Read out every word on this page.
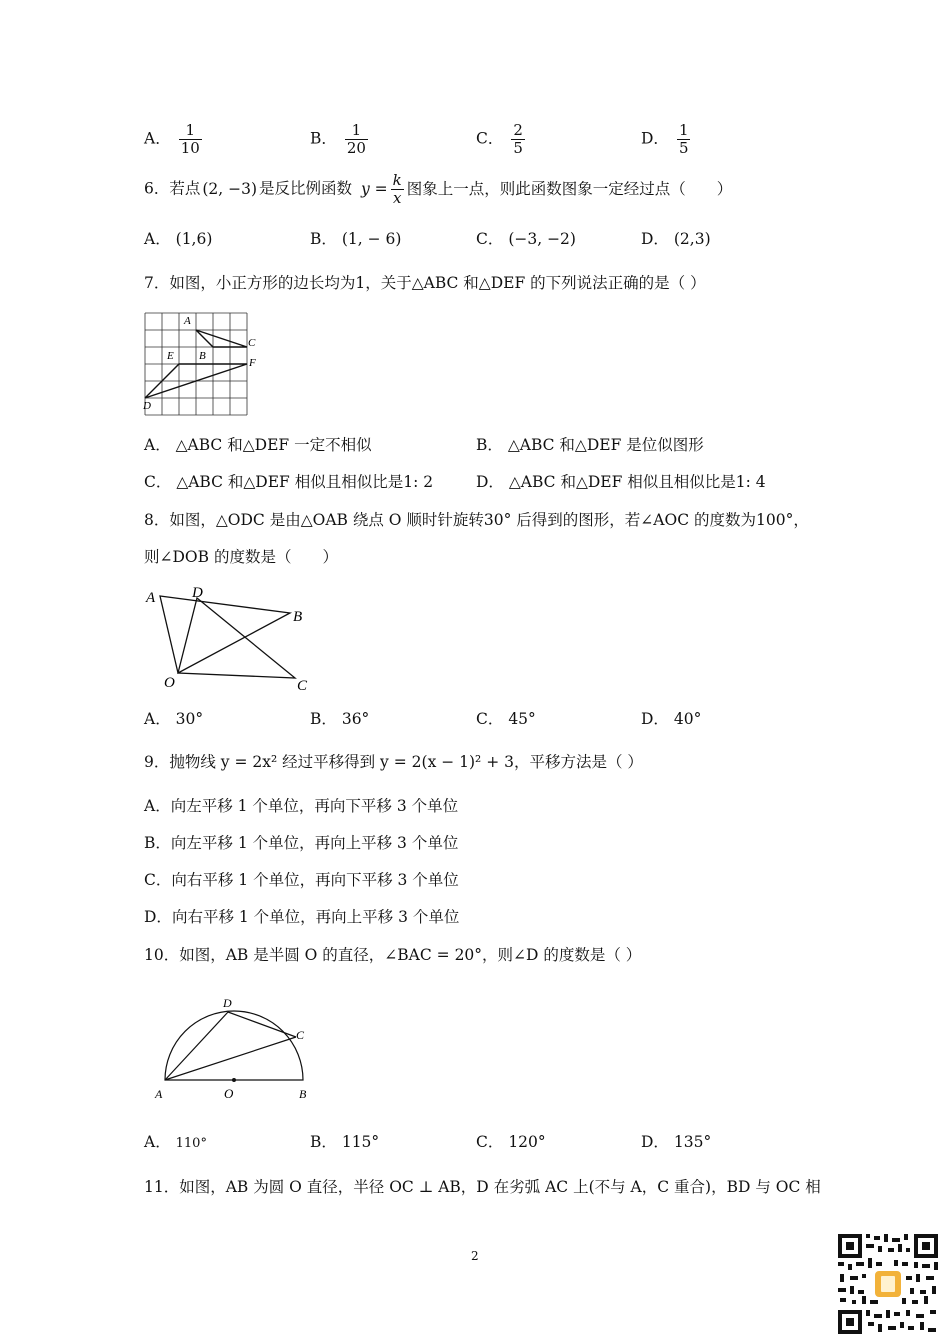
A． $\frac{1}{10}$	B． $\frac{1}{20}$	C． $\frac{2}{5}$	D． $\frac{1}{5}$
6．若点 (2, −3) 是反比例函数 $y = \frac{k}{x}$ 图象上一点，则此函数图象一定经过点（　　）
A． (1,6)	B． (1, − 6)	C． (−3, −2)	D． (2,3)
7．如图，小正方形的边长均为1，关于△ABC 和△DEF 的下列说法正确的是（ ）
A
C
E B
F
D
A． △ABC 和△DEF 一定不相似	B． △ABC 和△DEF 是位似图形
C． △ABC 和△DEF 相似且相似比是1: 2	D． △ABC 和△DEF 相似且相似比是1: 4
8．如图，△ODC 是由△OAB 绕点 O 顺时针旋转30° 后得到的图形，若∠AOC 的度数为100°，
则∠DOB 的度数是（　　）
A D
B
O	C
A． 30°	B． 36°	C． 45°	D． 40°
9．抛物线 y = 2x² 经过平移得到 y = 2(x − 1)² + 3，平移方法是（ ）
A．向左平移 1 个单位，再向下平移 3 个单位
B．向左平移 1 个单位，再向上平移 3 个单位
C．向右平移 1 个单位，再向下平移 3 个单位
D．向右平移 1 个单位，再向上平移 3 个单位
10．如图，AB 是半圆 O 的直径，∠BAC = 20°，则∠D 的度数是（ ）
D
C
A	O	B
A． 110°	B． 115°	C． 120°	D． 135°
11．如图，AB 为圆 O 直径，半径 OC ⊥ AB，D 在劣弧 AC 上(不与 A，C 重合)，BD 与 OC 相
2
